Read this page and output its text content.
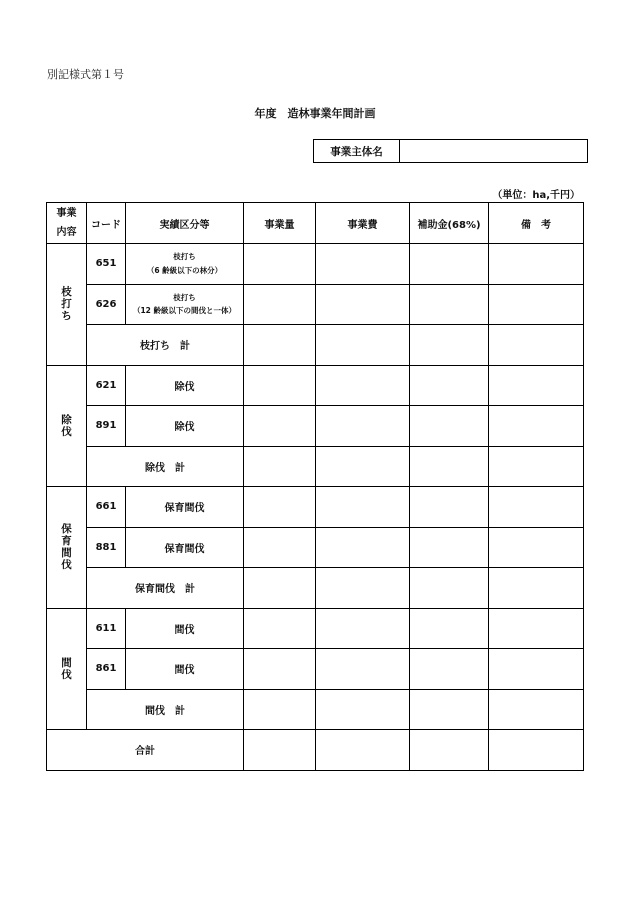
別記様式第１号
年度　造林事業年間計画
事業主体名
（単位：ha,千円）
事業
内容	コード	実績区分等	事業量	事業費	補助金(68%)	備　考
枝打ち	651	枝打ち
（6 齢級以下の林分）				

	626	枝打ち
（12 齢級以下の間伐と一体）				

	枝打ち　計					
除伐	621	除伐				
	891	除伐				
	除伐　計					
保育間伐	661	保育間伐				
	881	保育間伐				
	保育間伐　計					
間伐	611	間伐				
	861	間伐				
	間伐　計					
合計						
